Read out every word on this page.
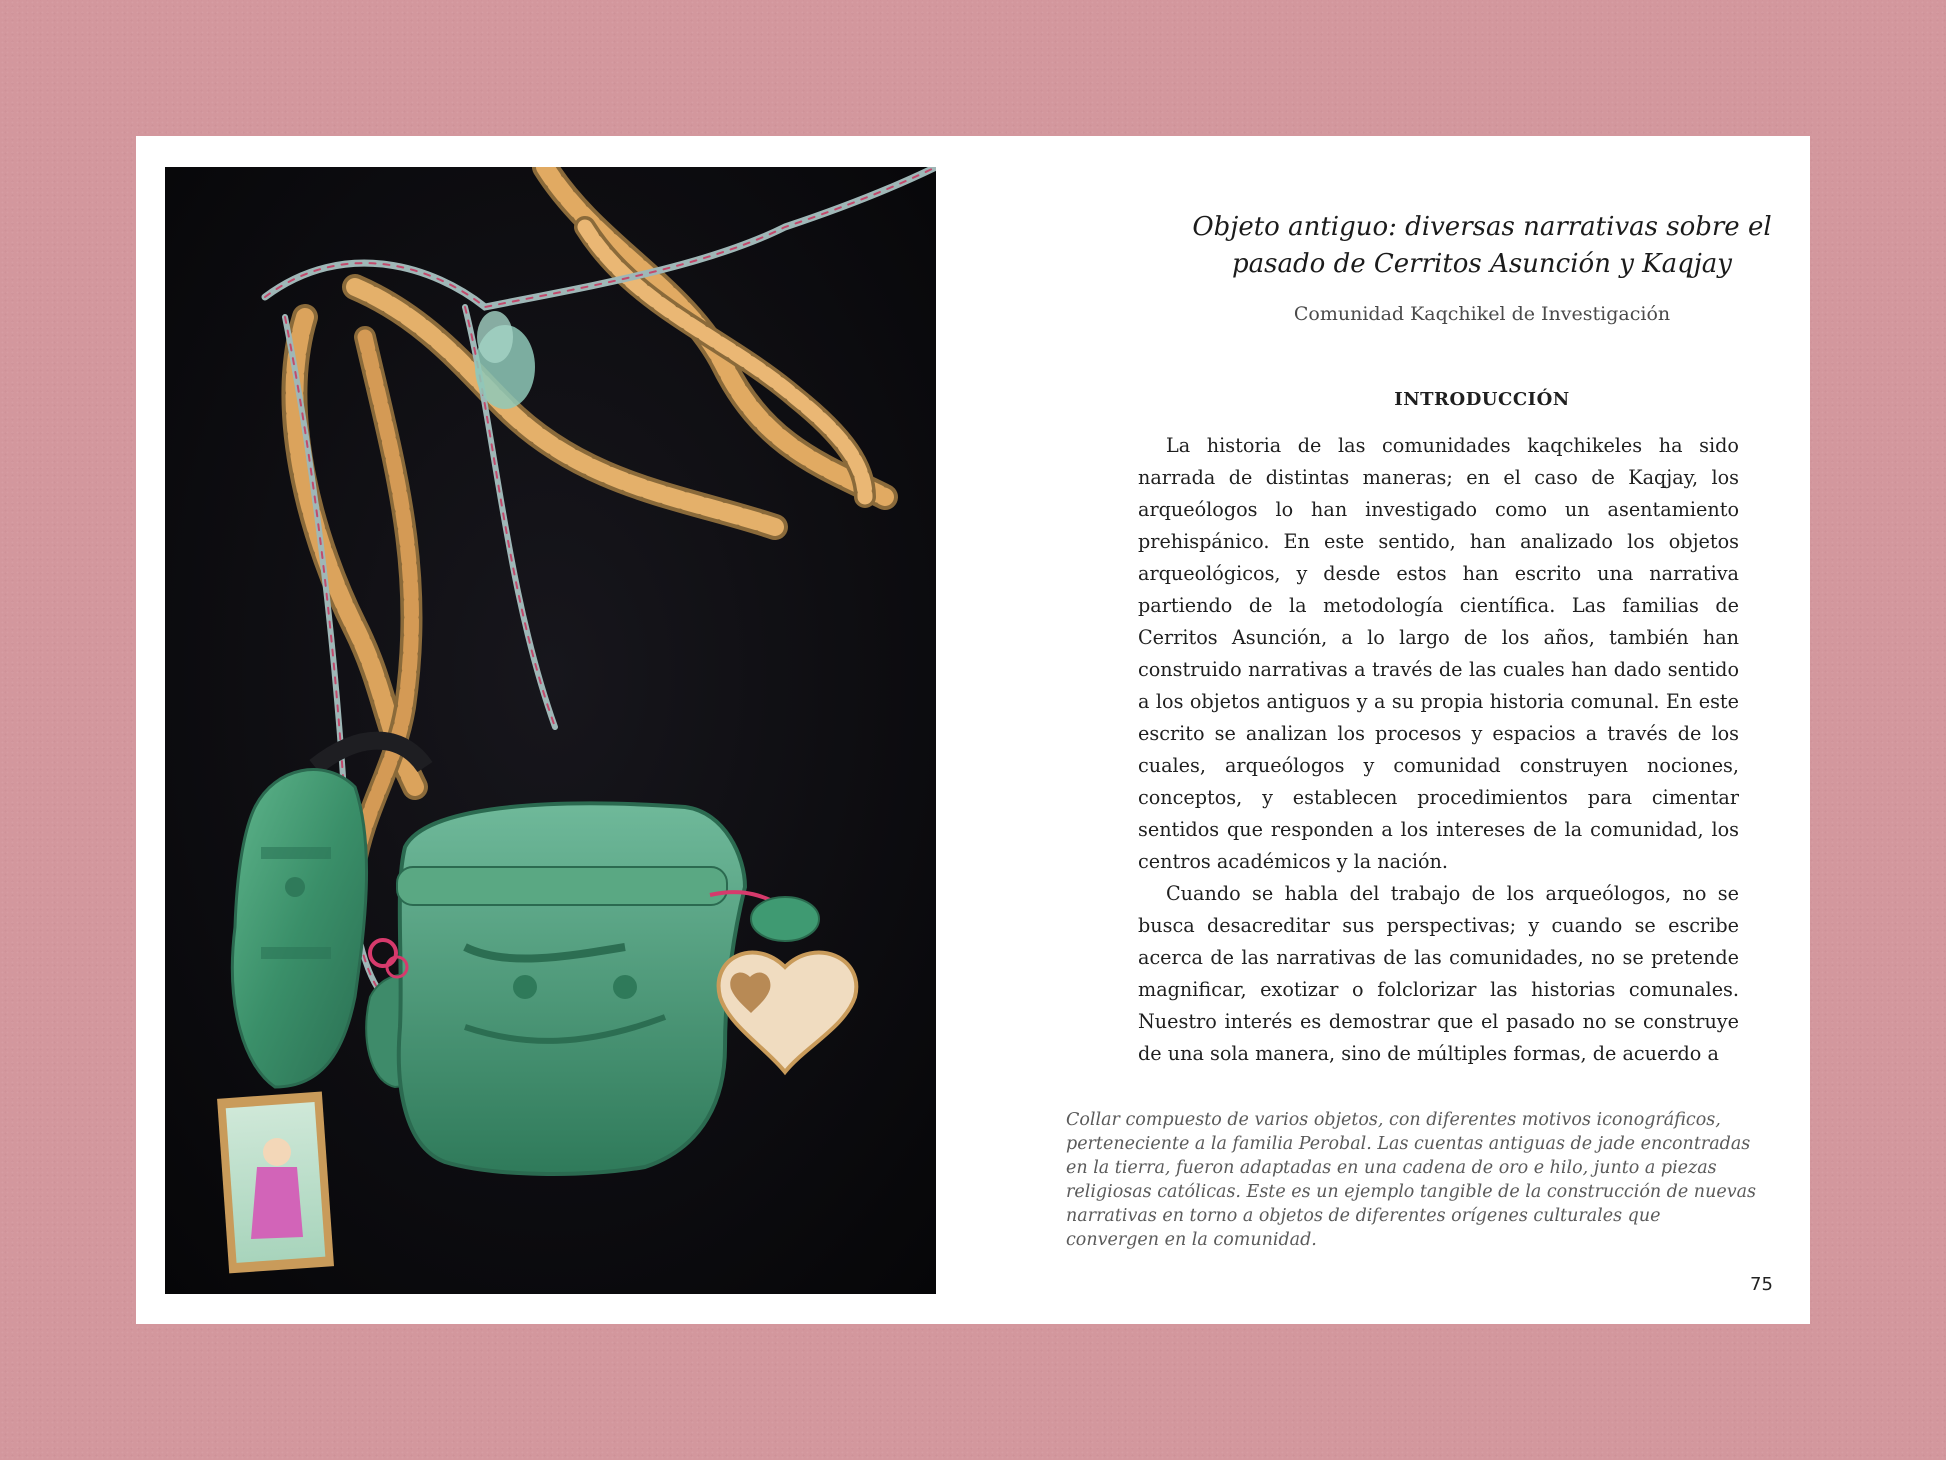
Objeto antiguo: diversas narrativas sobre el pasado de Cerritos Asunción y Kaqjay
Comunidad Kaqchikel de Investigación
INTRODUCCIÓN

La historia de las comunidades kaqchikeles ha sido narrada de distintas maneras; en el caso de Kaqjay, los arqueólogos lo han investigado como un asentamiento prehispánico. En este sentido, han analizado los objetos arqueológicos, y desde estos han escrito una narrativa partiendo de la metodología científica. Las familias de Cerritos Asunción, a lo largo de los años, también han construido narrativas a través de las cuales han dado sentido a los objetos antiguos y a su propia historia comunal. En este escrito se analizan los procesos y espacios a través de los cuales, arqueólogos y comunidad construyen nociones, conceptos, y establecen procedimientos para cimentar sentidos que responden a los intereses de la comunidad, los centros académicos y la nación.

Cuando se habla del trabajo de los arqueólogos, no se busca desacreditar sus perspectivas; y cuando se escribe acerca de las narrativas de las comunidades, no se pretende magnificar, exotizar o folclorizar las historias comunales. Nuestro interés es demostrar que el pasado no se construye de una sola manera, sino de múltiples formas, de acuerdo a

Collar compuesto de varios objetos, con diferentes motivos iconográficos, perteneciente a la familia Perobal. Las cuentas antiguas de jade encontradas en la tierra, fueron adaptadas en una cadena de oro e hilo, junto a piezas religiosas católicas. Este es un ejemplo tangible de la construcción de nuevas narrativas en torno a objetos de diferentes orígenes culturales que convergen en la comunidad.

75
